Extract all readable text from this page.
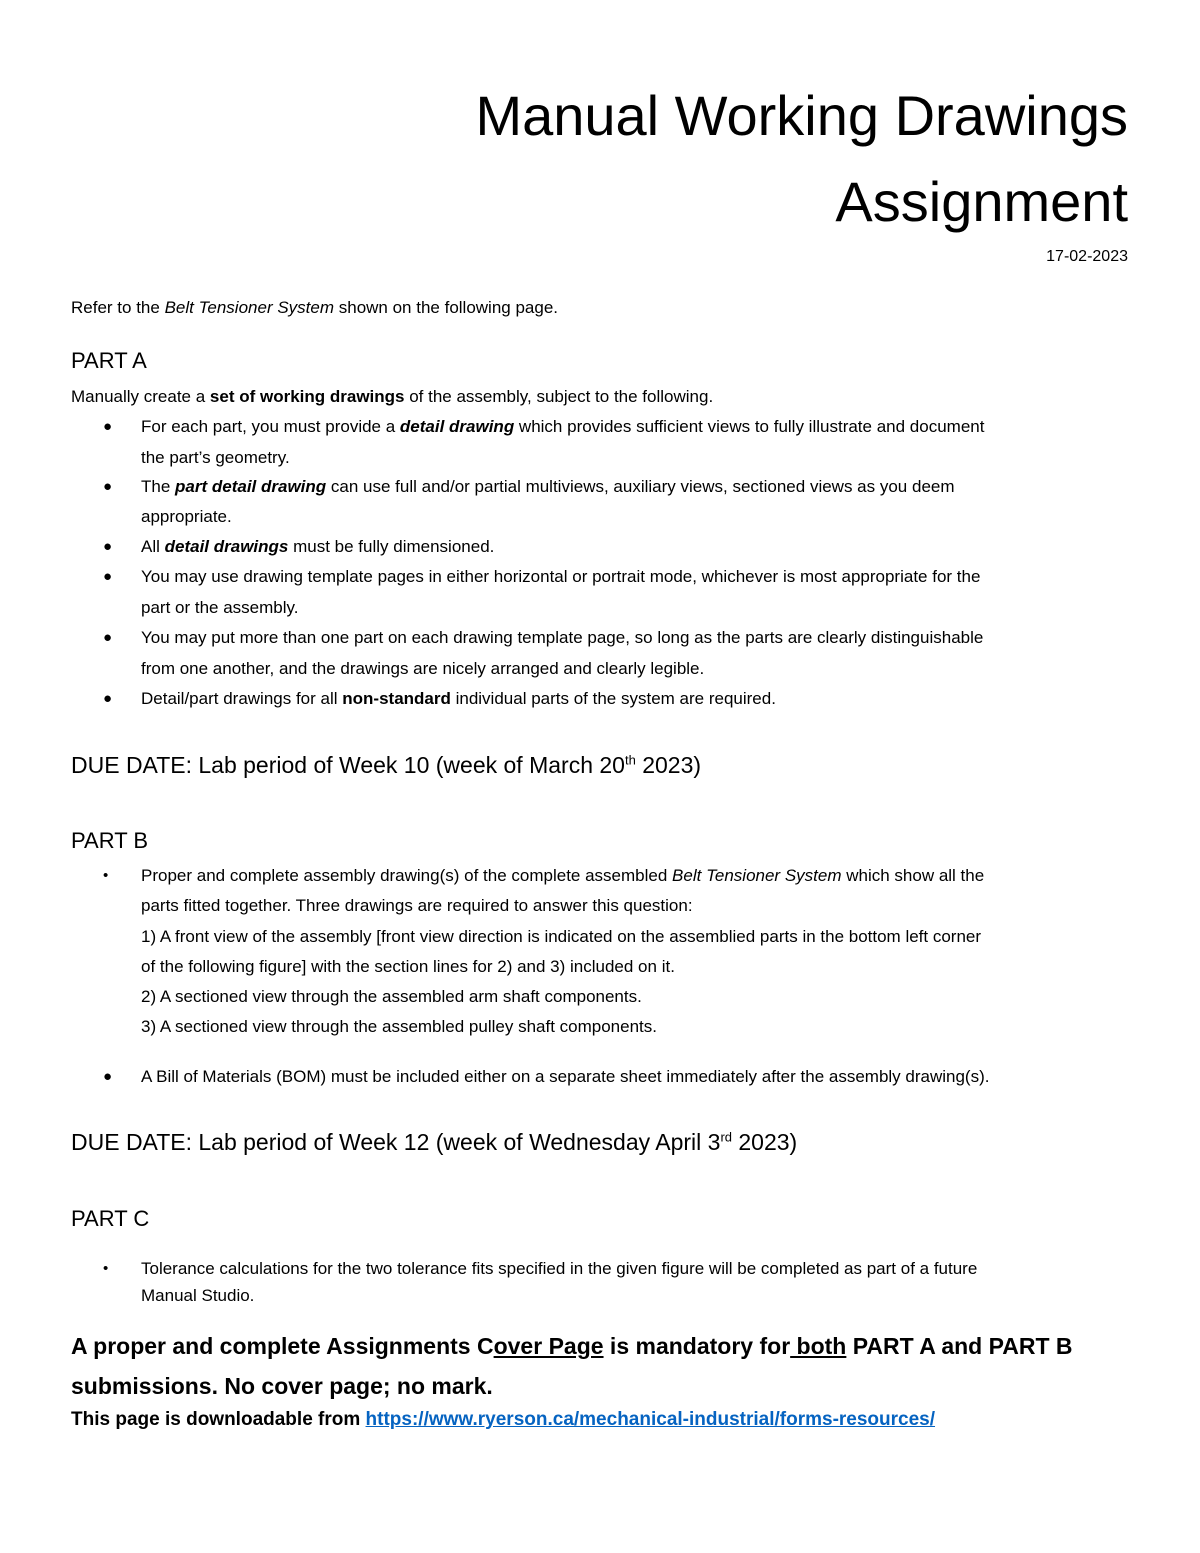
Manual Working Drawings
Assignment
17-02-2023
Refer to the Belt Tensioner System shown on the following page.
PART A
Manually create a set of working drawings of the assembly, subject to the following.
● For each part, you must provide a detail drawing which provides sufficient views to fully illustrate and document
the part’s geometry.
● The part detail drawing can use full and/or partial multiviews, auxiliary views, sectioned views as you deem
appropriate.
● All detail drawings must be fully dimensioned.
● You may use drawing template pages in either horizontal or portrait mode, whichever is most appropriate for the
part or the assembly.
● You may put more than one part on each drawing template page, so long as the parts are clearly distinguishable
from one another, and the drawings are nicely arranged and clearly legible.
● Detail/part drawings for all non-standard individual parts of the system are required.
DUE DATE: Lab period of Week 10 (week of March 20th 2023)
PART B
• Proper and complete assembly drawing(s) of the complete assembled Belt Tensioner System which show all the
parts fitted together. Three drawings are required to answer this question:
1) A front view of the assembly [front view direction is indicated on the assemblied parts in the bottom left corner
of the following figure] with the section lines for 2) and 3) included on it.
2) A sectioned view through the assembled arm shaft components.
3) A sectioned view through the assembled pulley shaft components.
● A Bill of Materials (BOM) must be included either on a separate sheet immediately after the assembly drawing(s).
DUE DATE: Lab period of Week 12 (week of Wednesday April 3rd 2023)
PART C
• Tolerance calculations for the two tolerance fits specified in the given figure will be completed as part of a future
Manual Studio.
A proper and complete Assignments Cover Page is mandatory for both PART A and PART B
submissions. No cover page; no mark.
This page is downloadable from https://www.ryerson.ca/mechanical-industrial/forms-resources/
